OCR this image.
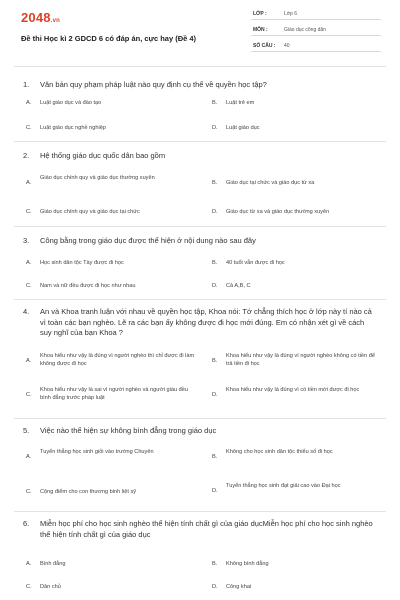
2048.vn
Đề thi Học kì 2 GDCD 6 có đáp án, cực hay (Đề 4)
LỚP :	Lớp 6
MÔN :	Giáo dục công dân
SỐ CÂU : 40
1. Văn bản quy phạm pháp luật nào quy định cụ thể về quyền học tập?
A. Luật giáo dục và đào tạo	B. Luật trẻ em
C. Luật giáo dục nghề nghiệp	D. Luật giáo dục
2. Hệ thống giáo dục quốc dân bao gồm
A.
Giáo dục chính quy và giáo dục thường xuyên
B. Giáo dục tại chức và giáo dục từ xa
C. Giáo dục chính quy và giáo dục tại chức	D. Giáo dục từ xa và giáo dục thường xuyên
3. Công bằng trong giáo dục được thể hiện ở nội dung nào sau đây
A. Học sinh dân tộc Tày được đi học	B. 40 tuổi vẫn được đi học
C. Nam và nữ đều được đi học như nhau	D. Cả A,B, C
4. An và Khoa tranh luận với nhau về quyền học tập, Khoa nói: Tớ chẳng thích học ở lớp này tí nào cả vì toàn các bạn nghèo. Lẽ ra các bạn ấy không được đi học mới đúng. Em có nhận xét gì về cách suy nghĩ của bạn Khoa ?
A.
Khoa hiểu như vậy là đúng vì người nghèo thì chỉ được đi làm không được đi học
B.
Khoa hiểu như vậy là đúng vì người nghèo không có tiền để trả tiền đi học
C.
Khoa hiểu như vậy là sai vì người nghèo và người giàu đều bình đẳng trước pháp luật
D.
Khoa hiểu như vậy là đúng vì có tiền mới được đi học
5. Việc nào thể hiện sự không bình đẳng trong giáo dục
A.
Tuyển thẳng học sinh giỏi vào trường Chuyên
B.
Không cho học sinh dân tộc thiểu số đi học
C. Cộng điểm cho con thương binh liệt sỹ	D.
Tuyển thẳng học sinh đạt giải cao vào Đại học
6. Miễn học phí cho học sinh nghèo thể hiện tính chất gì của giáo dụcMiễn học phí cho học sinh nghèo thể hiện tính chất gì của giáo dục
A. Bình đẳng	B. Không bình đẳng
C. Dân chủ	D. Công khai
